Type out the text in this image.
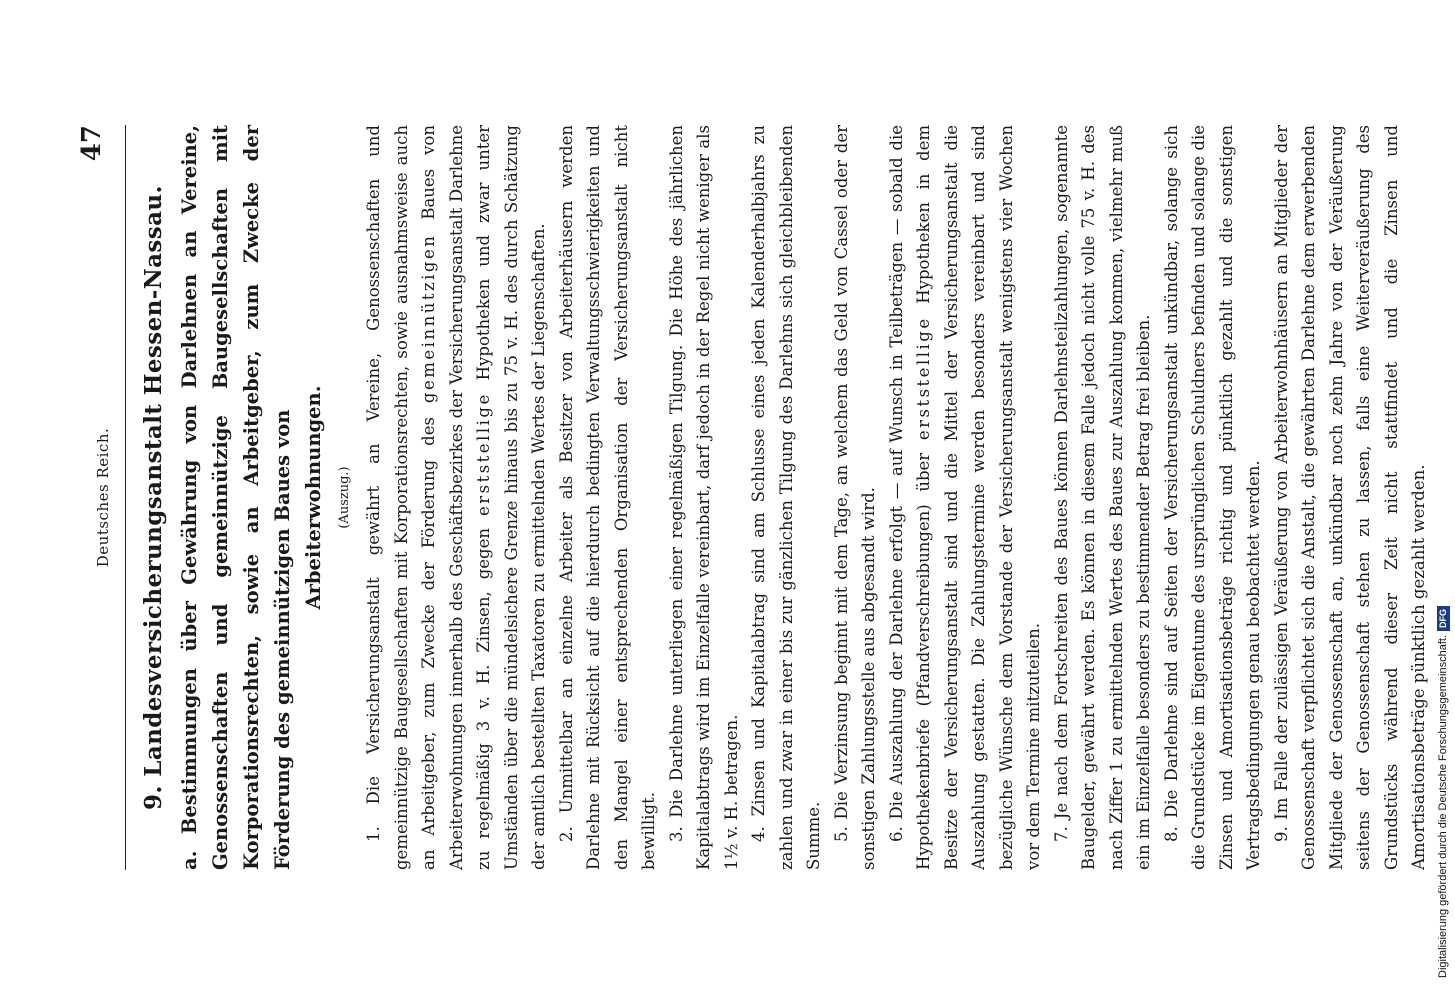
Deutsches Reich.
47
9. Landesversicherungsanstalt Hessen-Nassau. a. Bestimmungen über Gewährung von Darlehnen an Vereine, Genossenschaften und gemeinnützige Baugesellschaften mit Korporationsrechten, sowie an Arbeitgeber, zum Zwecke der Förderung des gemeinnützigen Baues von Arbeiterwohnungen. (Auszug.) 1. Die Versicherungsanstalt gewährt an Vereine, Genossenschaften und gemeinnützige Baugesellschaften mit Korporationsrechten, sowie ausnahmsweise auch an Arbeitgeber, zum Zwecke der Förderung des gemeinnützigen Baues von Arbeiterwohnungen innerhalb des Geschäftsbezirkes der Versicherungsanstalt Darlehne zu regelmäßig 3 v. H. Zinsen, gegen erststellige Hypotheken und zwar unter Umständen über die mündelsichere Grenze hinaus bis zu 75 v. H. des durch Schätzung der amtlich bestellten Taxatoren zu ermittelnden Wertes der Liegenschaften. 2. Unmittelbar an einzelne Arbeiter als Besitzer von Arbeiterhäusern werden Darlehne mit Rücksicht auf die hierdurch bedingten Verwaltungsschwierigkeiten und den Mangel einer entsprechenden Organisation der Versicherungsanstalt nicht bewilligt. 3. Die Darlehne unterliegen einer regelmäßigen Tilgung. Die Höhe des jährlichen Kapitalabtrags wird im Einzelfalle vereinbart, darf jedoch in der Regel nicht weniger als 1½ v. H. betragen. 4. Zinsen und Kapitalabtrag sind am Schlusse eines jeden Kalenderhalbjahrs zu zahlen und zwar in einer bis zur gänzlichen Tilgung des Darlehns sich gleichbleibenden Summe. 5. Die Verzinsung beginnt mit dem Tage, an welchem das Geld von Cassel oder der sonstigen Zahlungsstelle aus abgesandt wird. 6. Die Auszahlung der Darlehne erfolgt — auf Wunsch in Teilbeträgen — sobald die Hypothekenbriefe (Pfandverschreibungen) über erststellige Hypotheken in dem Besitze der Versicherungsanstalt sind und die Mittel der Versicherungsanstalt die Auszahlung gestatten. Die Zahlungstermine werden besonders vereinbart und sind bezügliche Wünsche dem Vorstande der Versicherungsanstalt wenigstens vier Wochen vor dem Termine mitzuteilen. 7. Je nach dem Fortschreiten des Baues können Darlehnsteilzahlungen, sogenannte Baugelder, gewährt werden. Es können in diesem Falle jedoch nicht volle 75 v. H. des nach Ziffer 1 zu ermittelnden Wertes des Baues zur Auszahlung kommen, vielmehr muß ein im Einzelfalle besonders zu bestimmender Betrag frei bleiben. 8. Die Darlehne sind auf Seiten der Versicherungsanstalt unkündbar, solange sich die Grundstücke im Eigentume des ursprünglichen Schuldners befinden und solange die Zinsen und Amortisationsbeträge richtig und pünktlich gezahlt und die sonstigen Vertragsbedingungen genau beobachtet werden. 9. Im Falle der zulässigen Veräußerung von Arbeiterwohnhäusern an Mitglieder der Genossenschaft verpflichtet sich die Anstalt, die gewährten Darlehne dem erwerbenden Mitgliede der Genossenschaft an, unkündbar noch zehn Jahre von der Veräußerung seitens der Genossenschaft stehen zu lassen, falls eine Weiterveräußerung des Grundstücks während dieser Zeit nicht stattfindet und die Zinsen und Amortisationsbeträge pünktlich gezahlt werden. Digitalisierung gefördert durch die Deutsche Forschungsgemeinschaft.DFG
